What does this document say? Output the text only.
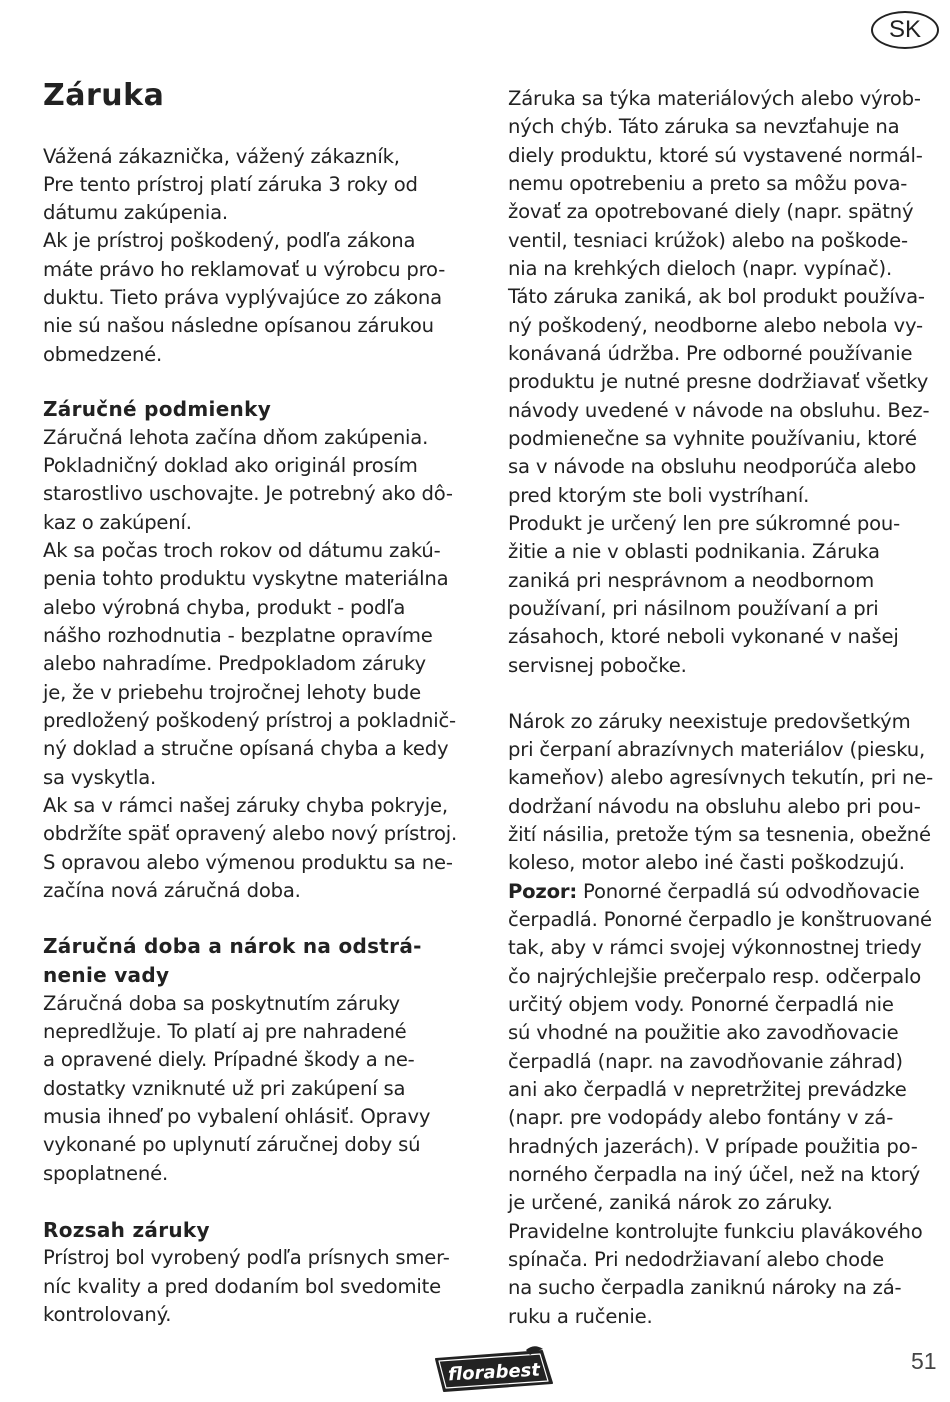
SK
Záruka
Vážená zákaznička, vážený zákazník,
Pre tento prístroj platí záruka 3 roky od
dátumu zakúpenia.
Ak je prístroj poškodený, podľa zákona
máte právo ho reklamovať u výrobcu pro-
duktu. Tieto práva vyplývajúce zo zákona
nie sú našou následne opísanou zárukou
obmedzené.
Záručné podmienky
Záručná lehota začína dňom zakúpenia.
Pokladničný doklad ako originál prosím
starostlivo uschovajte. Je potrebný ako dô-
kaz o zakúpení.
Ak sa počas troch rokov od dátumu zakú-
penia tohto produktu vyskytne materiálna
alebo výrobná chyba, produkt - podľa
nášho rozhodnutia - bezplatne opravíme
alebo nahradíme. Predpokladom záruky
je, že v priebehu trojročnej lehoty bude
predložený poškodený prístroj a pokladnič-
ný doklad a stručne opísaná chyba a kedy
sa vyskytla.
Ak sa v rámci našej záruky chyba pokryje,
obdržíte späť opravený alebo nový prístroj.
S opravou alebo výmenou produktu sa ne-
začína nová záručná doba.
Záručná doba a nárok na odstrá-
nenie vady
Záručná doba sa poskytnutím záruky
nepredlžuje. To platí aj pre nahradené
a opravené diely. Prípadné škody a ne-
dostatky vzniknuté už pri zakúpení sa
musia ihneď po vybalení ohlásiť. Opravy
vykonané po uplynutí záručnej doby sú
spoplatnené.
Rozsah záruky
Prístroj bol vyrobený podľa prísnych smer-
níc kvality a pred dodaním bol svedomite
kontrolovaný.
Záruka sa týka materiálových alebo výrob-
ných chýb. Táto záruka sa nevzťahuje na
diely produktu, ktoré sú vystavené normál-
nemu opotrebeniu a preto sa môžu pova-
žovať za opotrebované diely (napr. spätný
ventil, tesniaci krúžok) alebo na poškode-
nia na krehkých dieloch (napr. vypínač).
Táto záruka zaniká, ak bol produkt používa-
ný poškodený, neodborne alebo nebola vy-
konávaná údržba. Pre odborné používanie
produktu je nutné presne dodržiavať všetky
návody uvedené v návode na obsluhu. Bez-
podmienečne sa vyhnite používaniu, ktoré
sa v návode na obsluhu neodporúča alebo
pred ktorým ste boli vystríhaní.
Produkt je určený len pre súkromné pou-
žitie a nie v oblasti podnikania. Záruka
zaniká pri nesprávnom a neodbornom
používaní, pri násilnom používaní a pri
zásahoch, ktoré neboli vykonané v našej
servisnej pobočke.
Nárok zo záruky neexistuje predovšetkým
pri čerpaní abrazívnych materiálov (piesku,
kameňov) alebo agresívnych tekutín, pri ne-
dodržaní návodu na obsluhu alebo pri pou-
žití násilia, pretože tým sa tesnenia, obežné
koleso, motor alebo iné časti poškodzujú.
Pozor: Ponorné čerpadlá sú odvodňovacie
čerpadlá. Ponorné čerpadlo je konštruované
tak, aby v rámci svojej výkonnostnej triedy
čo najrýchlejšie prečerpalo resp. odčerpalo
určitý objem vody. Ponorné čerpadlá nie
sú vhodné na použitie ako zavodňovacie
čerpadlá (napr. na zavodňovanie záhrad)
ani ako čerpadlá v nepretržitej prevádzke
(napr. pre vodopády alebo fontány v zá-
hradných jazerách). V prípade použitia po-
norného čerpadla na iný účel, než na ktorý
je určené, zaniká nárok zo záruky.
Pravidelne kontrolujte funkciu plavákového
spínača. Pri nedodržiavaní alebo chode
na sucho čerpadla zaniknú nároky na zá-
ruku a ručenie.
florabest	51
